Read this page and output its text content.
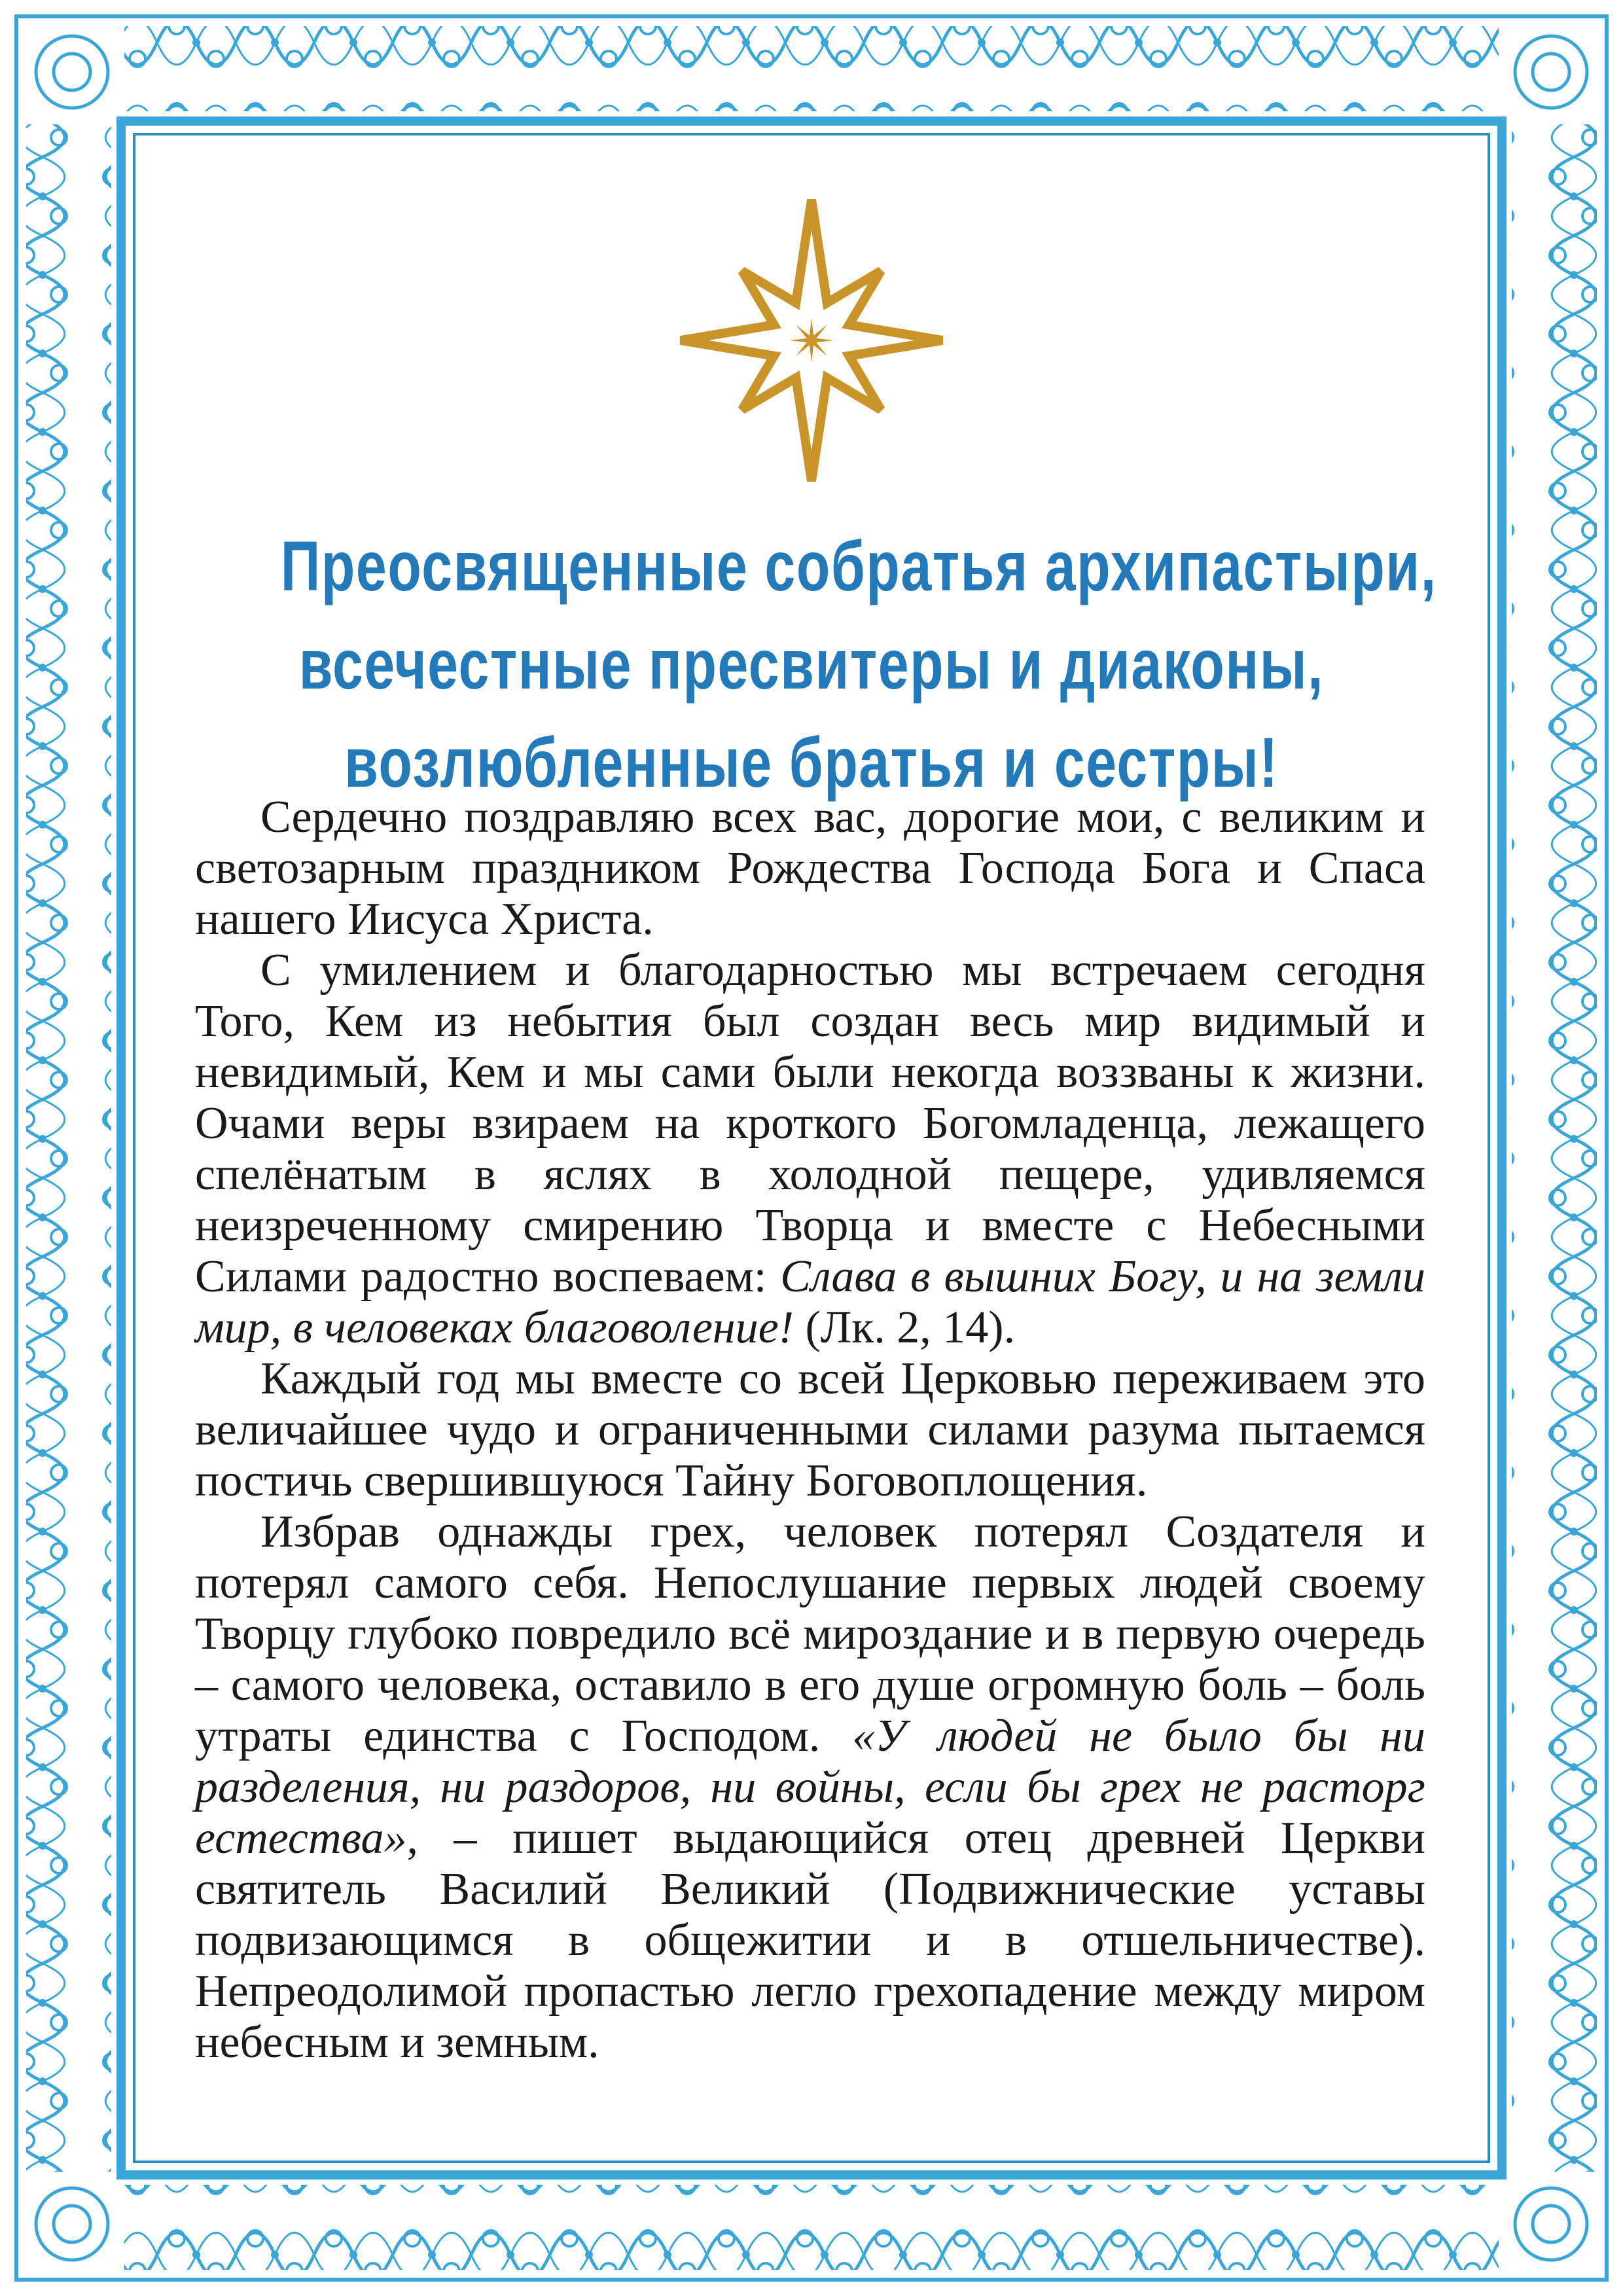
Преосвященные собратья архипастыри,
всечестные пресвитеры и диаконы,
возлюбленные братья и сестры!

Сердечно поздравляю всех вас, дорогие мои, с великим и светозарным праздником Рождества Господа Бога и Спаса нашего Иисуса Христа.

С умилением и благодарностью мы встречаем сегодня Того, Кем из небытия был создан весь мир видимый и невидимый, Кем и мы сами были некогда воззваны к жизни. Очами веры взираем на кроткого Богомладенца, лежащего спелёнатым в яслях в холодной пещере, удивляемся неизреченному смирению Творца и вместе с Небесными Силами радостно воспеваем: Слава в вышних Богу, и на земли мир, в человеках благоволение! (Лк. 2, 14).

Каждый год мы вместе со всей Церковью переживаем это величайшее чудо и ограниченными силами разума пытаемся постичь свершившуюся Тайну Боговоплощения.

Избрав однажды грех, человек потерял Создателя и потерял самого себя. Непослушание первых людей своему Творцу глубоко повредило всё мироздание и в первую очередь – самого человека, оставило в его душе огромную боль – боль утраты единства с Господом. «У людей не было бы ни разделения, ни раздоров, ни войны, если бы грех не расторг естества», – пишет выдающийся отец древней Церкви святитель Василий Великий (Подвижнические уставы подвизающимся в общежитии и в отшельничестве). Непреодолимой пропастью легло грехопадение между миром небесным и земным.
